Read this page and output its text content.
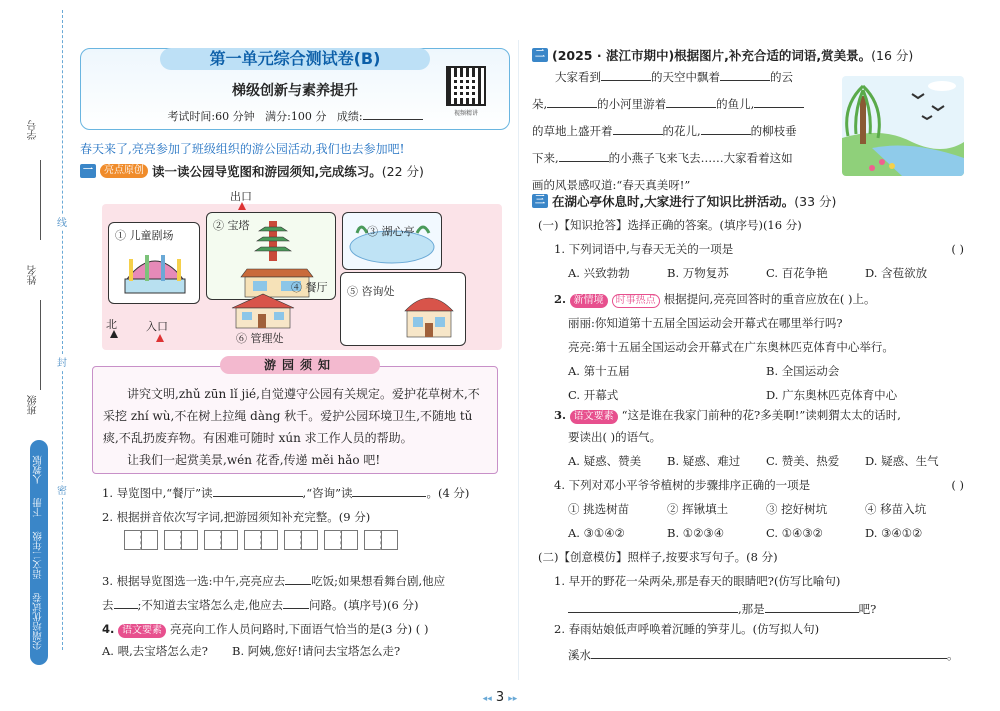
学号
姓名
班级
线
封
密
尖端培优试卷
语文二年级
下册
人教版
第一单元综合测试卷(B)
梯级创新与素养提升
考试时间:60 分钟 满分:100 分 成绩:	视频精讲
春天来了,亮亮参加了班级组织的游公园活动,我们也去参加吧!
一	亮点原创 读一读公园导览图和游园须知,完成练习。 (22 分)
出口
① 儿童剧场
② 宝塔
④ 餐厅
③ 湖心亭
⑤ 咨询处
⑥ 管理处
北	入口

讲究文明,zhǔ zūn lǐ jié,自觉遵守公园有关规定。爱护花草树木,不采挖 zhí wù,不在树上拉绳 dàng 秋千。爱护公园环境卫生,不随地 tǔ 痰,不乱扔废弃物。有困难可随时 xún 求工作人员的帮助。

让我们一起赏美景,wén 花香,传递 měi hǎo 吧!

游园须知
1. 导览图中,“餐厅”读	,“咨询”读	。(4 分)
2. 根据拼音依次写字词,把游园须知补充完整。(9 分)
3. 根据导览图选一选:中午,亮亮应去 吃饭;如果想看舞台剧,他应
去 ;不知道去宝塔怎么走,他应去 问路。(填序号)(6 分)
4. 语文要素 亮亮向工作人员问路时,下面语气恰当的是(3 分) ( )
A. 喂,去宝塔怎么走?	B. 阿姨,您好!请问去宝塔怎么走?
二 (2025 · 湛江市期中)根据图片,补充合适的词语,赏美景。 (16 分)
大家看到	的天空中飘着	的云
朵,	的小河里游着	的鱼儿,
的草地上盛开着	的花儿,	的柳枝垂
下来,	的小燕子飞来飞去……大家看着这如
画的风景感叹道:“春天真美呀!”
三 在湖心亭休息时,大家进行了知识比拼活动。 (33 分)
(一)【知识抢答】选择正确的答案。(填序号)(16 分)
1. 下列词语中,与春天无关的一项是	( )
A. 兴致勃勃	B. 万物复苏	C. 百花争艳	D. 含苞欲放
2. 新情境 时事热点 根据提问,亮亮回答时的重音应放在( )上。
丽丽:你知道第十五届全国运动会开幕式在哪里举行吗?
亮亮:第十五届全国运动会开幕式在广东奥林匹克体育中心举行。
A. 第十五届	B. 全国运动会
C. 开幕式	D. 广东奥林匹克体育中心
3. 语文要素 “这是谁在我家门前种的花?多美啊!”读刺猬太太的话时,
要读出( )的语气。
A. 疑惑、赞美	B. 疑惑、难过	C. 赞美、热爱	D. 疑惑、生气
4. 下列对邓小平爷爷植树的步骤排序正确的一项是	( )
① 挑选树苗	② 挥锹填土	③ 挖好树坑	④ 移苗入坑
A. ③①④②	B. ①②③④	C. ①④③②	D. ③④①②
(二)【创意模仿】照样子,按要求写句子。(8 分)
1. 早开的野花一朵两朵,那是春天的眼睛吧?(仿写比喻句)
,那是	吧?
2. 春雨姑娘低声呼唤着沉睡的笋芽儿。(仿写拟人句)
溪水	。
◂◂ 3 ▸▸
